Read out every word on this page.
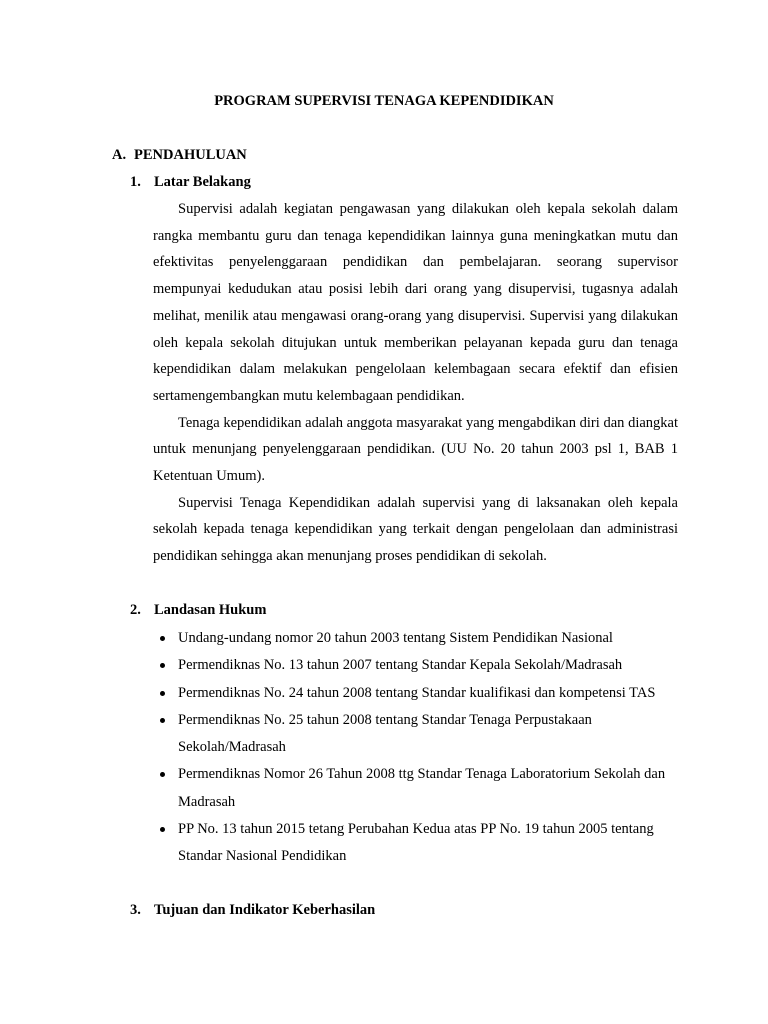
PROGRAM SUPERVISI TENAGA KEPENDIDIKAN
A. PENDAHULUAN
1. Latar Belakang

Supervisi adalah kegiatan pengawasan yang dilakukan oleh kepala sekolah dalam rangka membantu guru dan tenaga kependidikan lainnya guna meningkatkan mutu dan efektivitas penyelenggaraan pendidikan dan pembelajaran. seorang supervisor mempunyai kedudukan atau posisi lebih dari orang yang disupervisi, tugasnya adalah melihat, menilik atau mengawasi orang-orang yang disupervisi. Supervisi yang dilakukan oleh kepala sekolah ditujukan untuk memberikan pelayanan kepada guru dan tenaga kependidikan dalam melakukan pengelolaan kelembagaan secara efektif dan efisien sertamengembangkan mutu kelembagaan pendidikan.

Tenaga kependidikan adalah anggota masyarakat yang mengabdikan diri dan diangkat untuk menunjang penyelenggaraan pendidikan. (UU No. 20 tahun 2003 psl 1, BAB 1 Ketentuan Umum).

Supervisi Tenaga Kependidikan adalah supervisi yang di laksanakan oleh kepala sekolah kepada tenaga kependidikan yang terkait dengan pengelolaan dan administrasi pendidikan sehingga akan menunjang proses pendidikan di sekolah.

2. Landasan Hukum
Undang-undang nomor 20 tahun 2003 tentang Sistem Pendidikan Nasional
Permendiknas No. 13 tahun 2007 tentang Standar Kepala Sekolah/Madrasah
Permendiknas No. 24 tahun 2008 tentang Standar kualifikasi dan kompetensi TAS
Permendiknas No. 25 tahun 2008 tentang Standar Tenaga Perpustakaan Sekolah/Madrasah
Permendiknas Nomor 26 Tahun 2008 ttg Standar Tenaga Laboratorium Sekolah dan Madrasah
PP No. 13 tahun 2015 tetang Perubahan Kedua atas PP No. 19 tahun 2005 tentang Standar Nasional Pendidikan
3. Tujuan dan Indikator Keberhasilan
